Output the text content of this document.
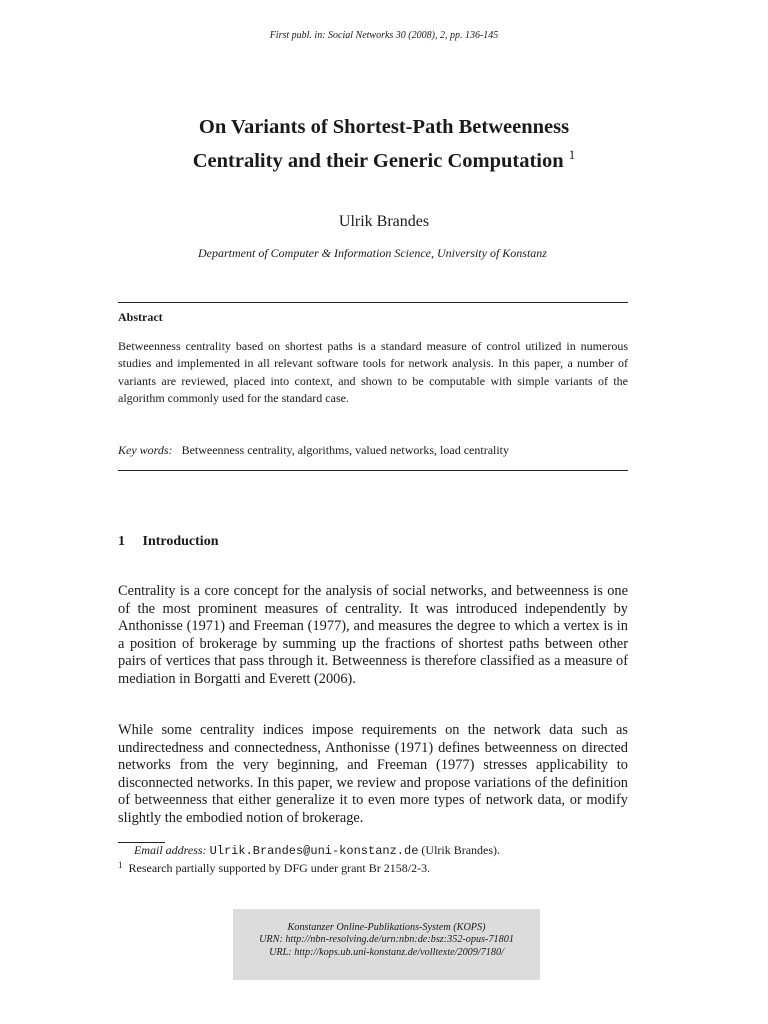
First publ. in: Social Networks 30 (2008), 2, pp. 136-145
On Variants of Shortest-Path Betweenness
Centrality and their Generic Computation $^1$
Ulrik Brandes
Department of Computer & Information Science, University of Konstanz
Abstract

Betweenness centrality based on shortest paths is a standard measure of control utilized in numerous studies and implemented in all relevant software tools for network analysis. In this paper, a number of variants are reviewed, placed into context, and shown to be computable with simple variants of the algorithm commonly used for the standard case.

Key words: Betweenness centrality, algorithms, valued networks, load centrality
1 Introduction

Centrality is a core concept for the analysis of social networks, and betweenness is one of the most prominent measures of centrality. It was introduced independently by Anthonisse (1971) and Freeman (1977), and measures the degree to which a vertex is in a position of brokerage by summing up the fractions of shortest paths between other pairs of vertices that pass through it. Betweenness is therefore classified as a measure of mediation in Borgatti and Everett (2006).

While some centrality indices impose requirements on the network data such as undirectedness and connectedness, Anthonisse (1971) defines betweenness on directed networks from the very beginning, and Freeman (1977) stresses applicability to disconnected networks. In this paper, we review and propose variations of the definition of betweenness that either generalize it to even more types of network data, or modify slightly the embodied notion of brokerage.

Email address: Ulrik.Brandes@uni-konstanz.de (Ulrik Brandes).
$^1$ Research partially supported by DFG under grant Br 2158/2-3.
Konstanzer Online-Publikations-System (KOPS)
URN: http://nbn-resolving.de/urn:nbn:de:bsz:352-opus-71801
URL: http://kops.ub.uni-konstanz.de/volltexte/2009/7180/
